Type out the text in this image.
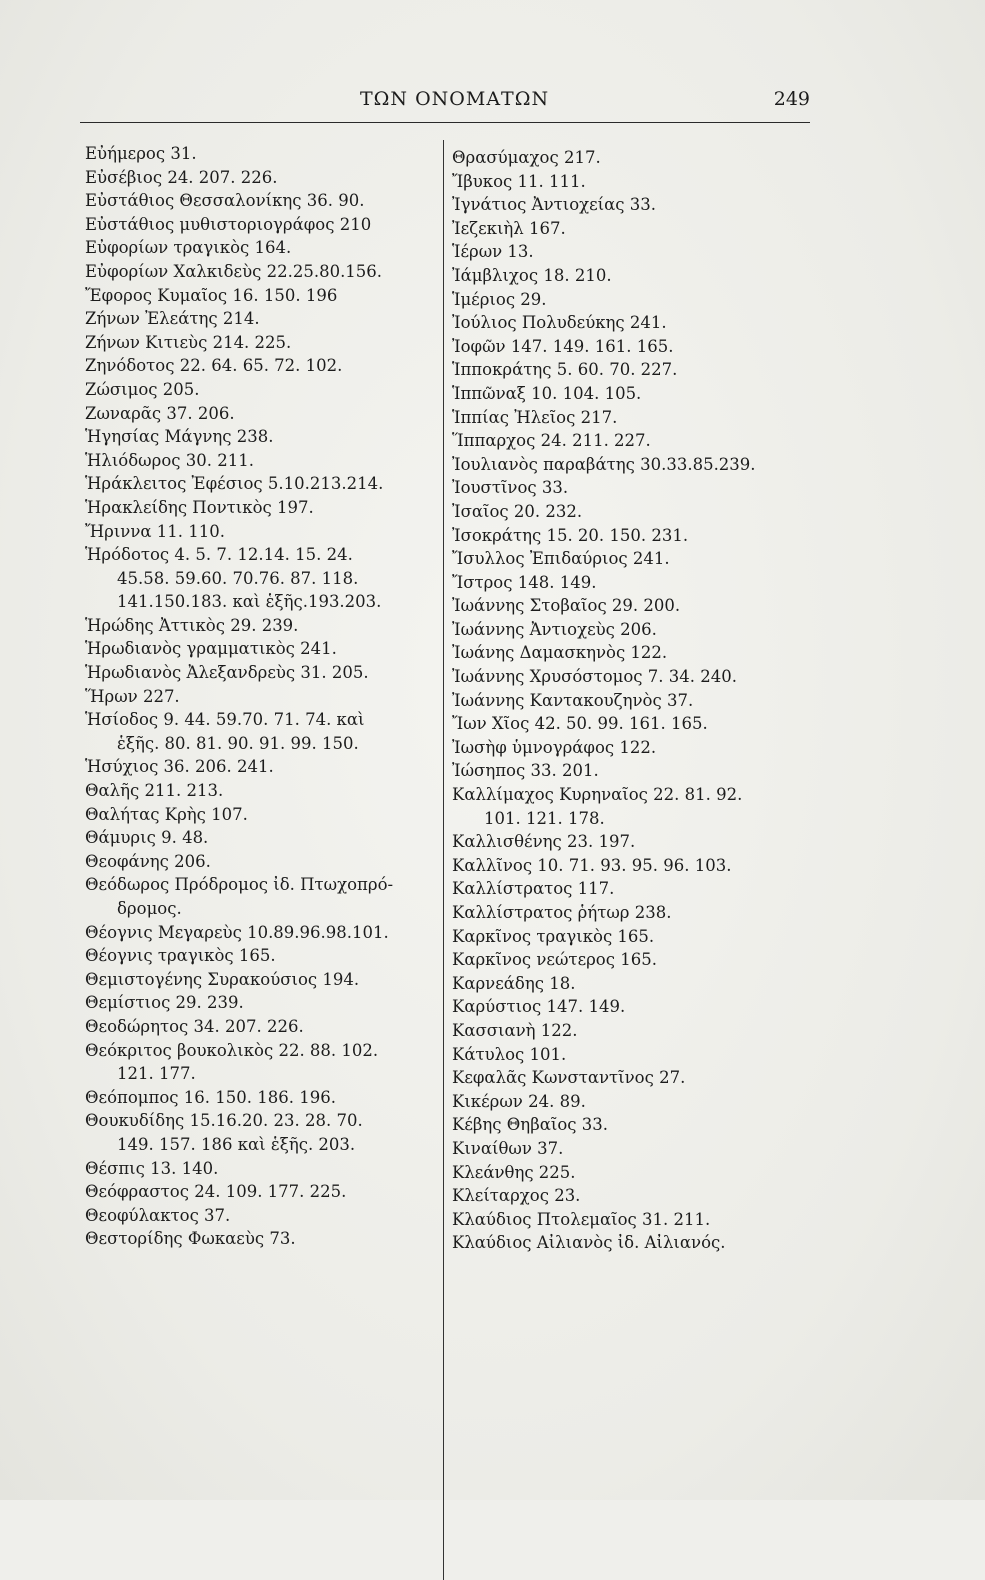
ΤΩΝ ΟΝΟΜΑΤΩΝ	249
Εὐήμερος 31.
Εὐσέβιος 24. 207. 226.
Εὐστάθιος Θεσσαλονίκης 36. 90.
Εὐστάθιος μυθιστοριογράφος 210
Εὐφορίων τραγικὸς 164.
Εὐφορίων Χαλκιδεὺς 22.25.80.156.
Ἔφορος Κυμαῖος 16. 150. 196
Ζήνων Ἐλεάτης 214.
Ζήνων Κιτιεὺς 214. 225.
Ζηνόδοτος 22. 64. 65. 72. 102.
Ζώσιμος 205.
Ζωναρᾶς 37. 206.
Ἡγησίας Μάγνης 238.
Ἡλιόδωρος 30. 211.
Ἡράκλειτος Ἐφέσιος 5.10.213.214.
Ἡρακλείδης Ποντικὸς 197.
Ἤριννα 11. 110.
Ἡρόδοτος 4. 5. 7. 12.14. 15. 24.
45.58. 59.60. 70.76. 87. 118.
141.150.183. καὶ ἑξῆς.193.203.
Ἡρώδης Ἀττικὸς 29. 239.
Ἡρωδιανὸς γραμματικὸς 241.
Ἡρωδιανὸς Ἀλεξανδρεὺς 31. 205.
Ἥρων 227.
Ἡσίοδος 9. 44. 59.70. 71. 74. καὶ
ἑξῆς. 80. 81. 90. 91. 99. 150.
Ἡσύχιος 36. 206. 241.
Θαλῆς 211. 213.
Θαλήτας Κρὴς 107.
Θάμυρις 9. 48.
Θεοφάνης 206.
Θεόδωρος Πρόδρομος ἰδ. Πτωχοπρό-
δρομος.
Θέογνις Μεγαρεὺς 10.89.96.98.101.
Θέογνις τραγικὸς 165.
Θεμιστογένης Συρακούσιος 194.
Θεμίστιος 29. 239.
Θεοδώρητος 34. 207. 226.
Θεόκριτος βουκολικὸς 22. 88. 102.
121. 177.
Θεόπομπος 16. 150. 186. 196.
Θουκυδίδης 15.16.20. 23. 28. 70.
149. 157. 186 καὶ ἑξῆς. 203.
Θέσπις 13. 140.
Θεόφραστος 24. 109. 177. 225.
Θεοφύλακτος 37.
Θεστορίδης Φωκαεὺς 73.
Θρασύμαχος 217.
Ἴβυκος 11. 111.
Ἰγνάτιος Ἀντιοχείας 33.
Ἰεζεκιὴλ 167.
Ἱέρων 13.
Ἰάμβλιχος 18. 210.
Ἱμέριος 29.
Ἰούλιος Πολυδεύκης 241.
Ἰοφῶν 147. 149. 161. 165.
Ἱπποκράτης 5. 60. 70. 227.
Ἱππῶναξ 10. 104. 105.
Ἱππίας Ἠλεῖος 217.
Ἵππαρχος 24. 211. 227.
Ἰουλιανὸς παραβάτης 30.33.85.239.
Ἰουστῖνος 33.
Ἰσαῖος 20. 232.
Ἰσοκράτης 15. 20. 150. 231.
Ἴσυλλος Ἐπιδαύριος 241.
Ἴστρος 148. 149.
Ἰωάννης Στοβαῖος 29. 200.
Ἰωάννης Ἀντιοχεὺς 206.
Ἰωάνης Δαμασκηνὸς 122.
Ἰωάννης Χρυσόστομος 7. 34. 240.
Ἰωάννης Καντακουζηνὸς 37.
Ἴων Χῖος 42. 50. 99. 161. 165.
Ἰωσὴφ ὑμνογράφος 122.
Ἰώσηπος 33. 201.
Καλλίμαχος Κυρηναῖος 22. 81. 92.
101. 121. 178.
Καλλισθένης 23. 197.
Καλλῖνος 10. 71. 93. 95. 96. 103.
Καλλίστρατος 117.
Καλλίστρατος ῥήτωρ 238.
Καρκῖνος τραγικὸς 165.
Καρκῖνος νεώτερος 165.
Καρνεάδης 18.
Καρύστιος 147. 149.
Κασσιανὴ 122.
Κάτυλος 101.
Κεφαλᾶς Κωνσταντῖνος 27.
Κικέρων 24. 89.
Κέβης Θηβαῖος 33.
Κιναίθων 37.
Κλεάνθης 225.
Κλείταρχος 23.
Κλαύδιος Πτολεμαῖος 31. 211.
Κλαύδιος Αἰλιανὸς ἰδ. Αἰλιανός.
